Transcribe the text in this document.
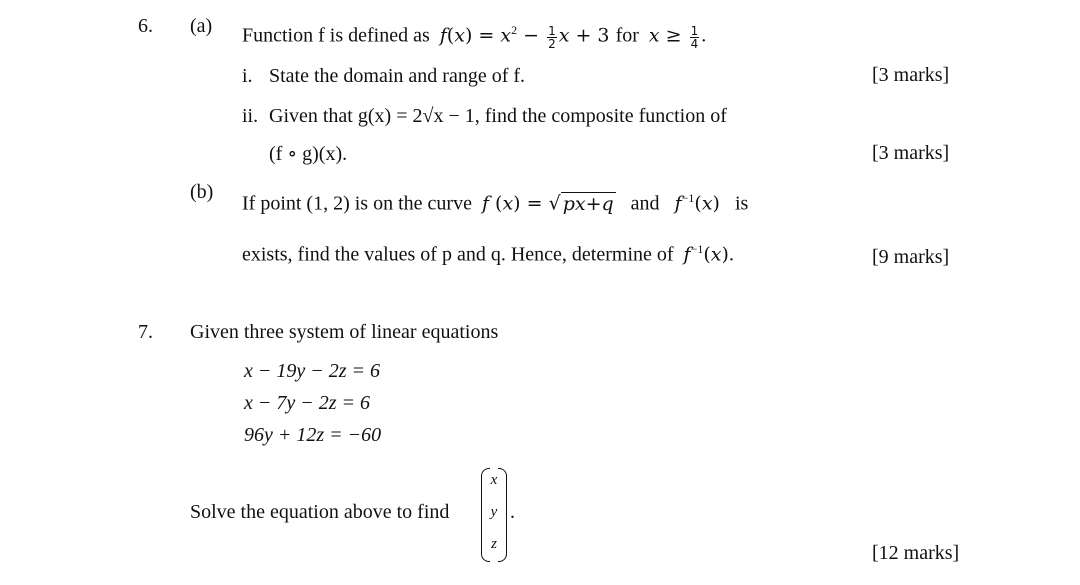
6. (a) Function f is defined as $f(x) = x^2 - \frac{1}{2}$ x + 3 for $x \ge \frac{1}{4}$ .
i. State the domain and range of f.	[3 marks]
ii. Given that g(x) = 2√x − 1, find the composite function of
(f ∘ g)(x).	[3 marks]
(b)
If point (1, 2) is on the curve f (x) = √ px+q and $f^{-1}(x)$ is
exists, find the values of p and q. Hence, determine of $f^{-1}(x)$.	[9 marks]
7. Given three system of linear equations
x − 19y − 2z = 6
x − 7y − 2z = 6
96y + 12z = −60
Solve the equation above to find
x
y
z
.
[12 marks]
